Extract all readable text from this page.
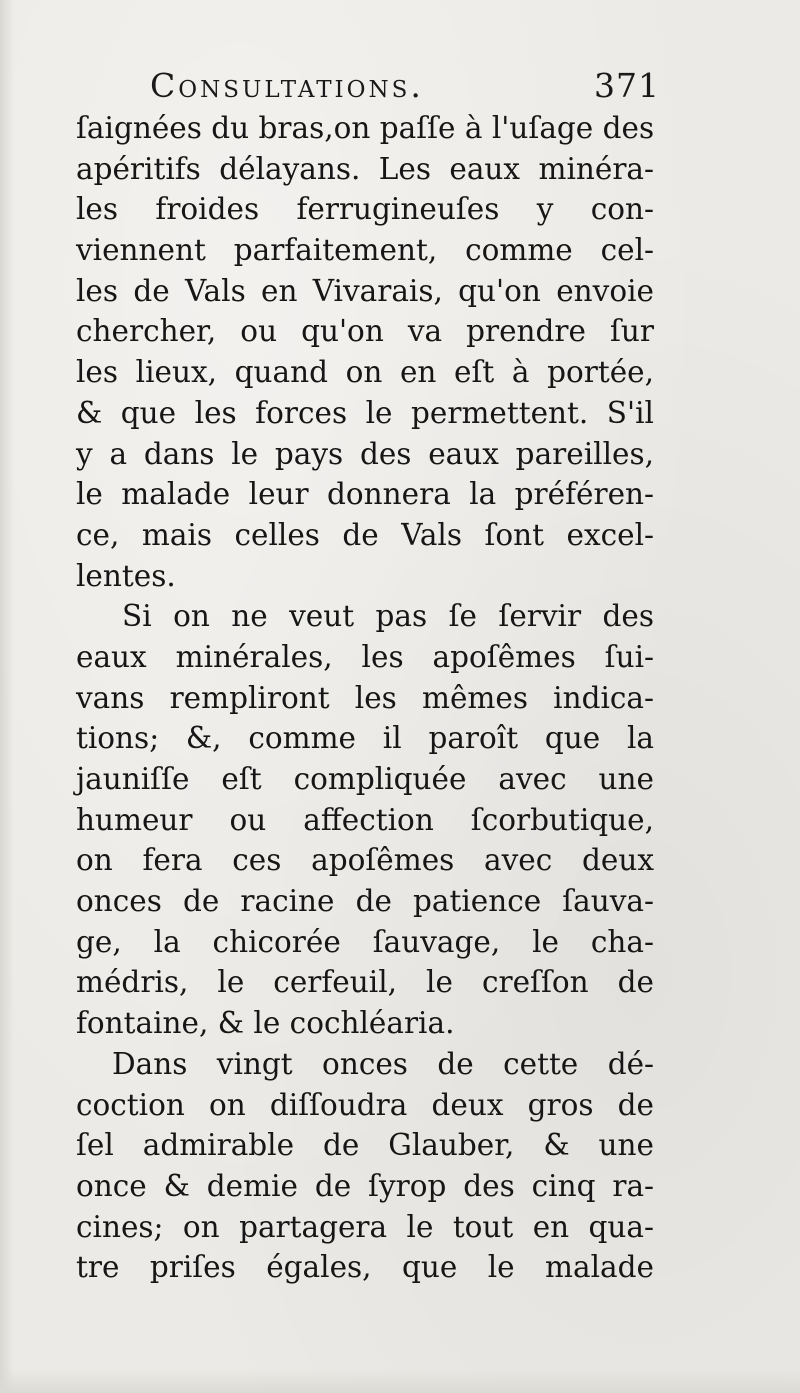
Consultations.	371
ſaignées du bras,on paſſe à l'uſage des
apéritifs délayans. Les eaux minéra-
les froides ferrugineuſes y con-
viennent parfaitement, comme cel-
les de Vals en Vivarais, qu'on envoie
chercher, ou qu'on va prendre ſur
les lieux, quand on en eſt à portée,
& que les forces le permettent. S'il
y a dans le pays des eaux pareilles,
le malade leur donnera la préféren-
ce, mais celles de Vals ſont excel-
lentes.
Si on ne veut pas ſe ſervir des
eaux minérales, les apoſêmes ſui-
vans rempliront les mêmes indica-
tions; &, comme il paroît que la
jauniſſe eſt compliquée avec une
humeur ou affection ſcorbutique,
on fera ces apoſêmes avec deux
onces de racine de patience ſauva-
ge, la chicorée ſauvage, le cha-
médris, le cerfeuil, le creſſon de
fontaine, & le cochléaria.
Dans vingt onces de cette dé-
coction on diſſoudra deux gros de
ſel admirable de Glauber, & une
once & demie de ſyrop des cinq ra-
cines; on partagera le tout en qua-
tre priſes égales, que le malade
